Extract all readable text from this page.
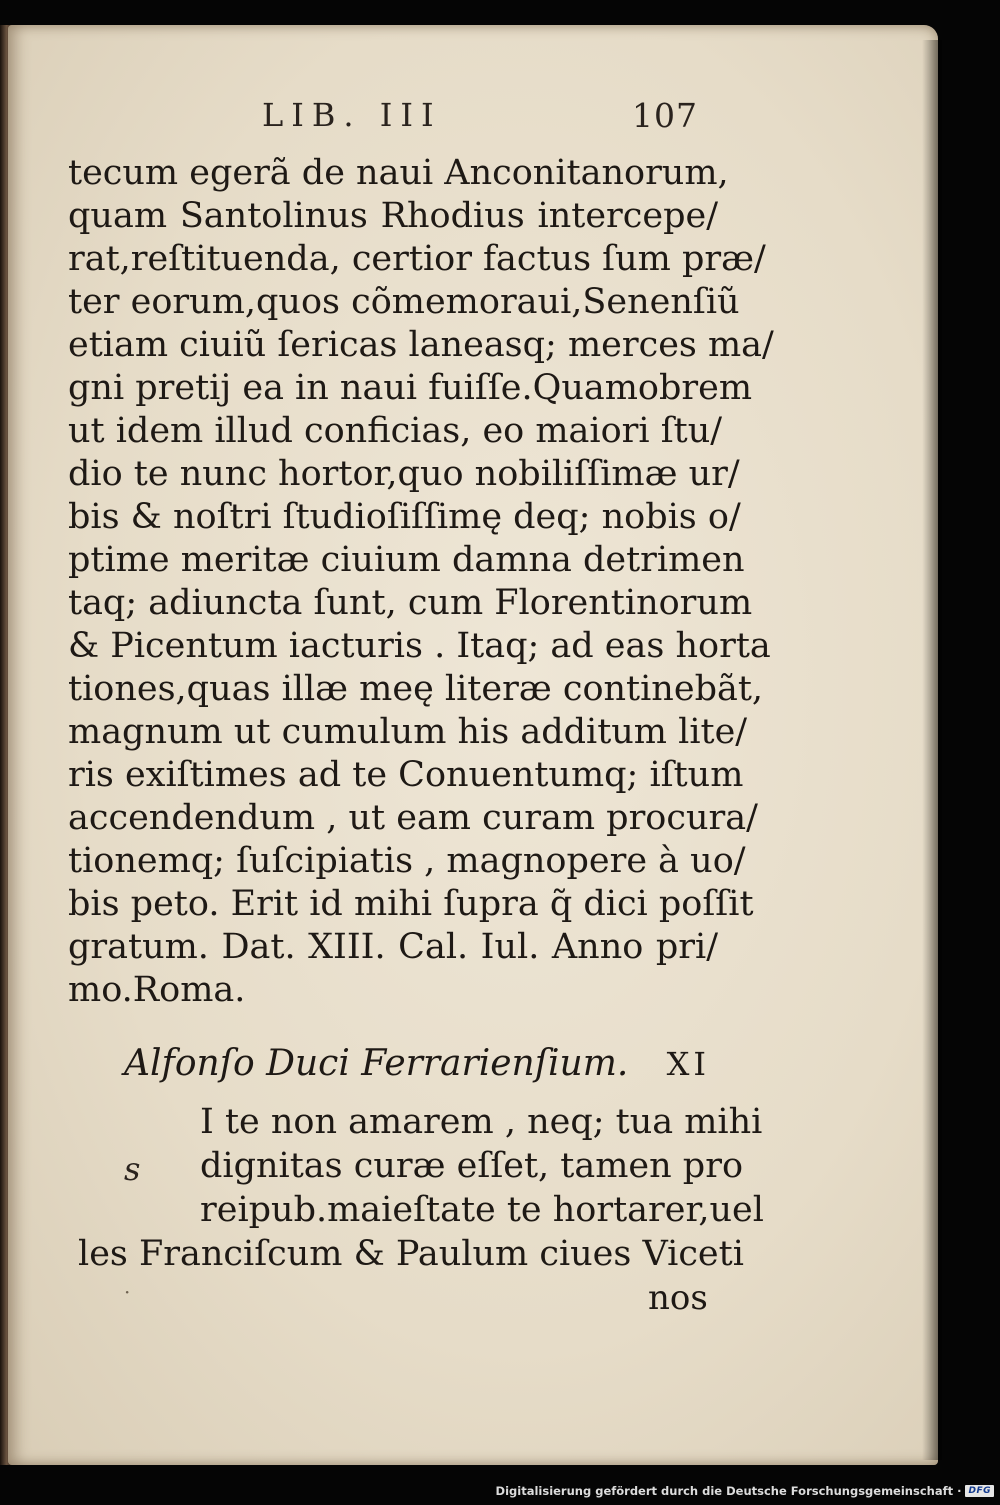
LIB. III	107
tecum egerã de naui Anconitanorum,
quam Santolinus Rhodius intercepe/
rat,reſtituenda, certior factus ſum præ/
ter eorum,quos cõmemoraui,Senenſiũ
etiam ciuiũ ſericas laneasq; merces ma/
gni pretij ea in naui fuiſſe.Quamobrem
ut idem illud conficias, eo maiori ſtu/
dio te nunc hortor,quo nobiliſſimæ ur/
bis & noſtri ſtudioſiſſimę deq; nobis o/
ptime meritæ ciuium damna detrimen
taq; adiuncta ſunt, cum Florentinorum
& Picentum iacturis . Itaq; ad eas horta
tiones,quas illæ meę literæ continebãt,
magnum ut cumulum his additum lite/
ris exiſtimes ad te Conuentumq; iſtum
accendendum , ut eam curam procura/
tionemq; ſuſcipiatis , magnopere à uo/
bis peto. Erit id mihi ſupra q̃ dici poſſit
gratum. Dat. XIII. Cal. Iul. Anno pri/
mo.Roma.
Alfonſo Duci Ferrarienſium. XI
s
I te non amarem , neq; tua mihi
dignitas curæ eſſet, tamen pro
reipub.maieſtate te hortarer,uel
les Franciſcum & Paulum ciues Viceti
·	nos
Digitalisierung gefördert durch die Deutsche Forschungsgemeinschaft · DFG
